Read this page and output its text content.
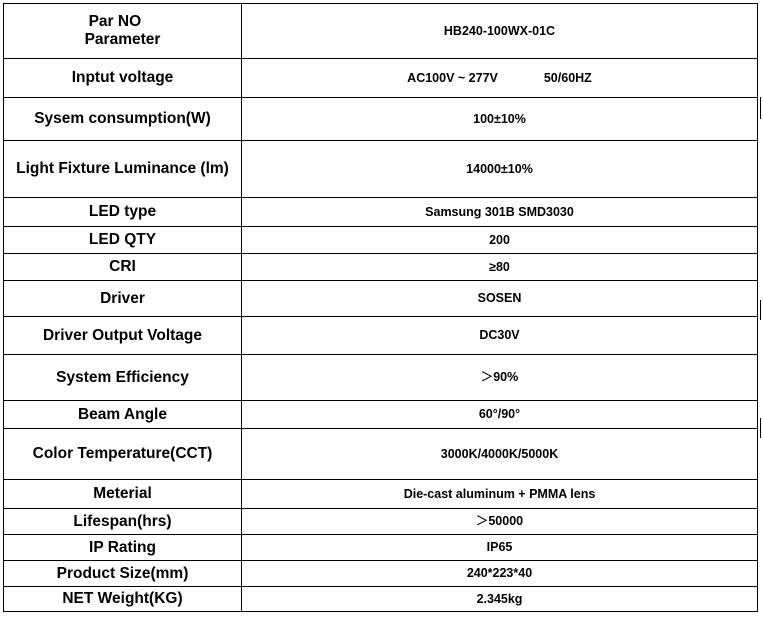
Par NO
Parameter	HB240-100WX-01C
Inptut voltage	AC100V ~ 277V 50/60HZ
Sysem consumption(W)	100±10%
Light Fixture Luminance (lm)	14000±10%
LED type	Samsung 301B SMD3030
LED QTY	200
CRI	≥80
Driver	SOSEN
Driver Output Voltage	DC30V
System Efficiency	＞90%
Beam Angle	60°/90°
Color Temperature(CCT)	3000K/4000K/5000K
Meterial	Die-cast aluminum + PMMA lens
Lifespan(hrs)	＞50000
IP Rating	IP65
Product Size(mm)	240*223*40
NET Weight(KG)	2.345kg
